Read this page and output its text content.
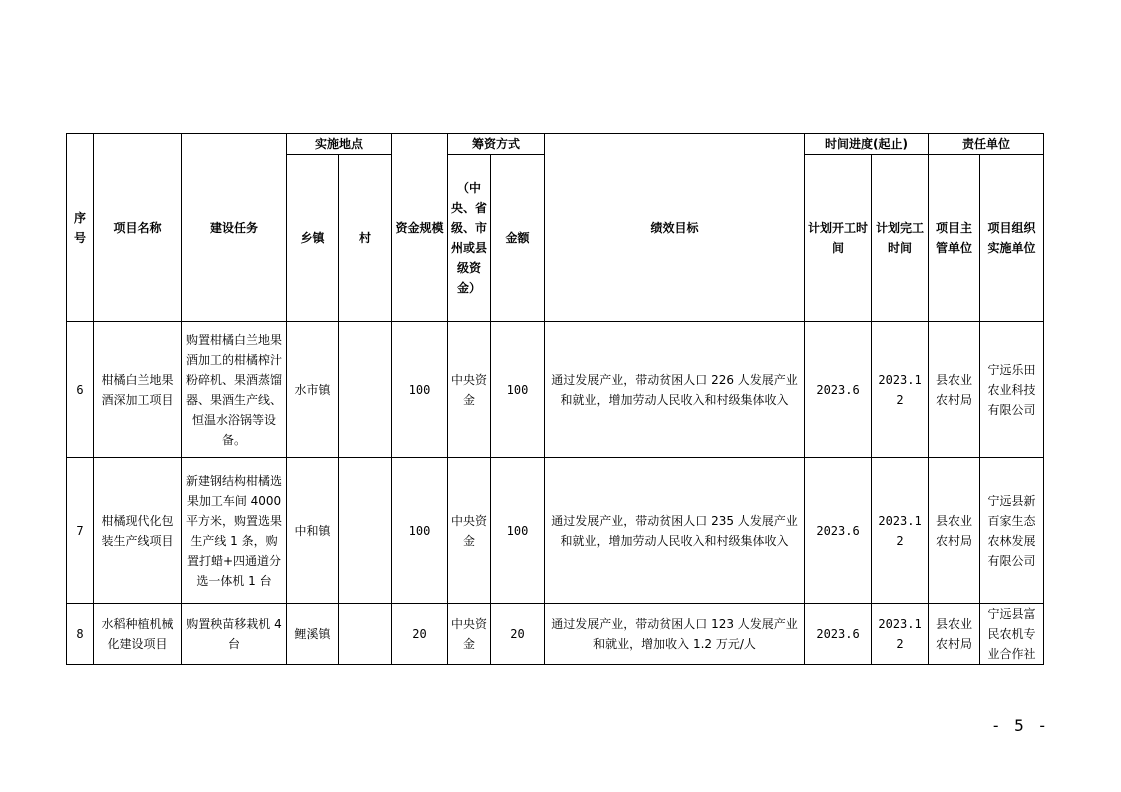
序号	项目名称	建设任务	实施地点		资金规模	筹资方式		绩效目标	时间进度(起止)		责任单位	
			乡镇	村		（中央、省级、市州或县级资金）	金额		计划开工时间	计划完工时间	项目主管单位	项目组织实施单位
6	柑橘白兰地果酒深加工项目	购置柑橘白兰地果酒加工的柑橘榨汁粉碎机、果酒蒸馏器、果酒生产线、恒温水浴锅等设备。	水市镇		100	中央资金	100	通过发展产业，带动贫困人口 226 人发展产业和就业，增加劳动人民收入和村级集体收入	2023.6	2023.12	县农业农村局	宁远乐田农业科技有限公司
7	柑橘现代化包装生产线项目	新建钢结构柑橘选果加工车间 4000 平方米，购置选果生产线 1 条，购置打蜡+四通道分选一体机 1 台	中和镇		100	中央资金	100	通过发展产业，带动贫困人口 235 人发展产业和就业，增加劳动人民收入和村级集体收入	2023.6	2023.12	县农业农村局	宁远县新百家生态农林发展有限公司
8	水稻种植机械化建设项目	购置秧苗移栽机 4 台	鲤溪镇		20	中央资金	20	通过发展产业，带动贫困人口 123 人发展产业和就业，增加收入 1.2 万元/人	2023.6	2023.12	县农业农村局	宁远县富民农机专业合作社
- 5 -
